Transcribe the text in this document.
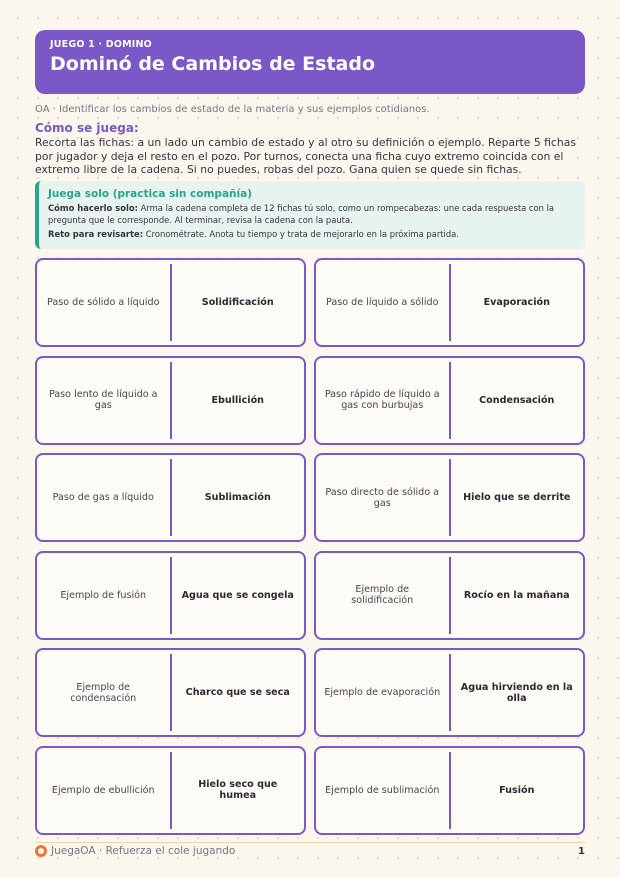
JUEGO 1 · DOMINO
Dominó de Cambios de Estado
OA · Identificar los cambios de estado de la materia y sus ejemplos cotidianos.
Cómo se juega:
Recorta las fichas: a un lado un cambio de estado y al otro su definición o ejemplo. Reparte 5 fichas por jugador y deja el resto en el pozo. Por turnos, conecta una ficha cuyo extremo coincida con el extremo libre de la cadena. Si no puedes, robas del pozo. Gana quien se quede sin fichas.
Juega solo (practica sin compañía)

Cómo hacerlo solo: Arma la cadena completa de 12 fichas tú solo, como un rompecabezas: une cada respuesta con la pregunta que le corresponde. Al terminar, revisa la cadena con la pauta.

Reto para revisarte: Cronométrate. Anota tu tiempo y trata de mejorarlo en la próxima partida.

Paso de sólido a líquido	Solidificación	Paso de líquido a sólido	Evaporación
Paso lento de líquido a gas	Ebullición	Paso rápido de líquido a gas con burbujas	Condensación
Paso de gas a líquido	Sublimación	Paso directo de sólido a gas	Hielo que se derrite
Ejemplo de fusión	Agua que se congela	Ejemplo de solidificación	Rocío en la mañana
Ejemplo de condensación	Charco que se seca	Ejemplo de evaporación	Agua hirviendo en la olla
Ejemplo de ebullición	Hielo seco que humea	Ejemplo de sublimación	Fusión
JuegaOA · Refuerza el cole jugando	1
